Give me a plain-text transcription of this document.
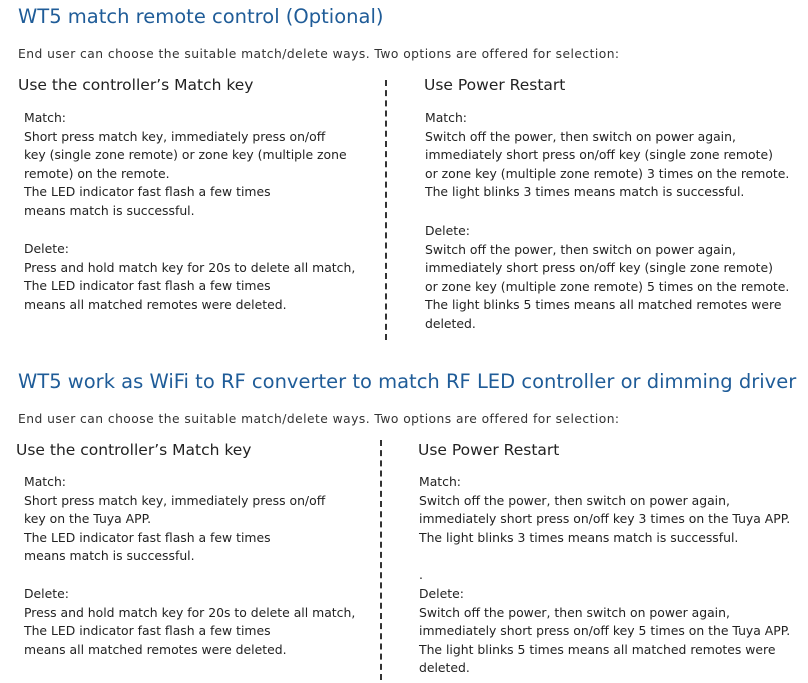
WT5 match remote control (Optional)
End user can choose the suitable match/delete ways. Two options are offered for selection:
Use the controller’s Match key	Use Power Restart
Match:
Short press match key, immediately press on/off
key (single zone remote) or zone key (multiple zone
remote) on the remote.
The LED indicator fast flash a few times
means match is successful.
Delete:
Press and hold match key for 20s to delete all match,
The LED indicator fast flash a few times
means all matched remotes were deleted.
Match:
Switch off the power, then switch on power again,
immediately short press on/off key (single zone remote)
or zone key (multiple zone remote) 3 times on the remote.
The light blinks 3 times means match is successful.
Delete:
Switch off the power, then switch on power again,
immediately short press on/off key (single zone remote)
or zone key (multiple zone remote) 5 times on the remote.
The light blinks 5 times means all matched remotes were
deleted.
WT5 work as WiFi to RF converter to match RF LED controller or dimming driver
End user can choose the suitable match/delete ways. Two options are offered for selection:
Use the controller’s Match key	Use Power Restart
Match:
Short press match key, immediately press on/off
key on the Tuya APP.
The LED indicator fast flash a few times
means match is successful.
Delete:
Press and hold match key for 20s to delete all match,
The LED indicator fast flash a few times
means all matched remotes were deleted.
Match:
Switch off the power, then switch on power again,
immediately short press on/off key 3 times on the Tuya APP.
The light blinks 3 times means match is successful.
.
Delete:
Switch off the power, then switch on power again,
immediately short press on/off key 5 times on the Tuya APP.
The light blinks 5 times means all matched remotes were
deleted.
